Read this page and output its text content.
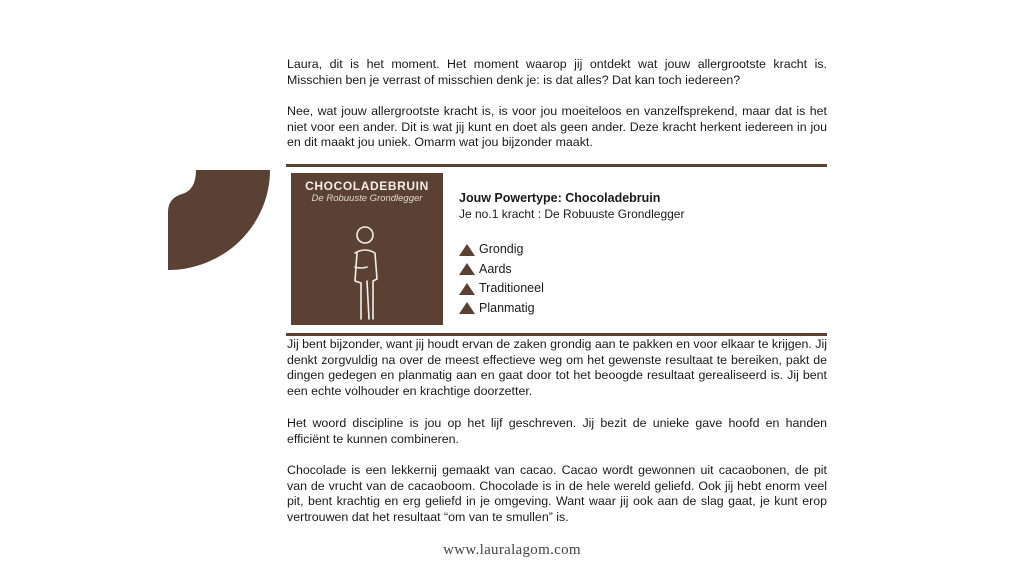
Laura, dit is het moment. Het moment waarop jij ontdekt wat jouw allergrootste kracht is. Misschien ben je verrast of misschien denk je: is dat alles? Dat kan toch iedereen?

Nee, wat jouw allergrootste kracht is, is voor jou moeiteloos en vanzelfsprekend, maar dat is het niet voor een ander. Dit is wat jij kunt en doet als geen ander. Deze kracht herkent iedereen in jou en dit maakt jou uniek. Omarm wat jou bijzonder maakt.

CHOCOLADEBRUIN
De Robuuste Grondlegger	Jouw Powertype: Chocoladebruin
Je no.1 kracht : De Robuuste Grondlegger
Grondig
Aards
Traditioneel
Planmatig

Jij bent bijzonder, want jij houdt ervan de zaken grondig aan te pakken en voor elkaar te krijgen. Jij denkt zorgvuldig na over de meest effectieve weg om het gewenste resultaat te bereiken, pakt de dingen gedegen en planmatig aan en gaat door tot het beoogde resultaat gerealiseerd is. Jij bent een echte volhouder en krachtige doorzetter.

Het woord discipline is jou op het lijf geschreven. Jij bezit de unieke gave hoofd en handen efficiënt te kunnen combineren.

Chocolade is een lekkernij gemaakt van cacao. Cacao wordt gewonnen uit cacaobonen, de pit van de vrucht van de cacaoboom. Chocolade is in de hele wereld geliefd. Ook jij hebt enorm veel pit, bent krachtig en erg geliefd in je omgeving. Want waar jij ook aan de slag gaat, je kunt erop vertrouwen dat het resultaat “om van te smullen” is.

www.lauralagom.com
